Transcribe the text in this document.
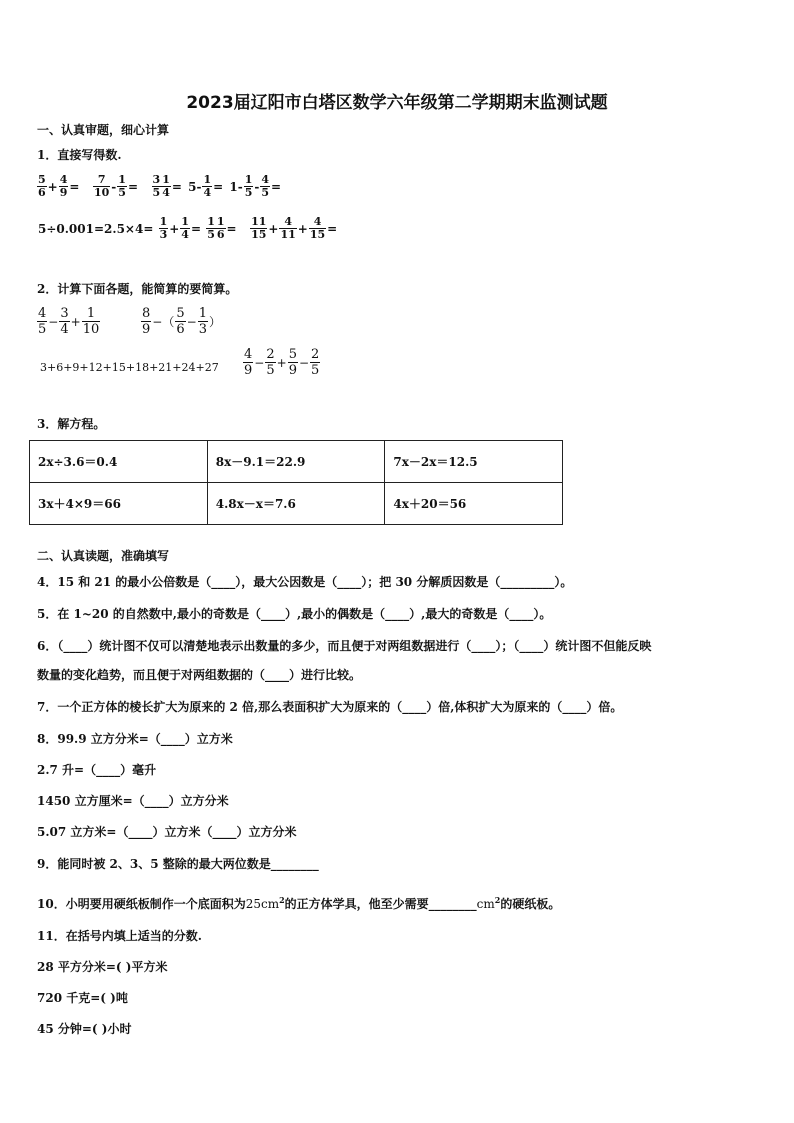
2023届辽阳市白塔区数学六年级第二学期期末监测试题
一、认真审题，细心计算
1．直接写得数.
$\frac{5}{6} + \frac{4}{9} = \frac{7}{10} - \frac{1}{5} = \frac{3}{5} \frac{1}{4} = 5- \frac{1}{4} = 1- \frac{1}{5} - \frac{4}{5}$ =
$5\div 0.001=2.5\times 4= \frac{1}{3} + \frac{1}{4} = \frac{1}{5} \frac{1}{6} = \frac{11}{15} + \frac{4}{11} + \frac{4}{15}$ =
2．计算下面各题，能简算的要简算。
$\frac{4}{5} - \frac{3}{4} + \frac{1}{10}$	$\frac{8}{9}$ −（ $\frac{5}{6} - \frac{1}{3}$ ）
$3+6+9+12+15+18+21+24+27 \frac{4}{9} - \frac{2}{5} + \frac{5}{9} - \frac{2}{5}$
3．解方程。
2x÷3.6＝0.4	8x－9.1＝22.9	7x－2x＝12.5
3x＋4×9＝66	4.8x－x＝7.6	4x＋20＝56
二、认真读题，准确填写
4．15 和 21 的最小公倍数是（____），最大公因数是（____）；把 30 分解质因数是（_________）。
5．在 1~20 的自然数中,最小的奇数是（____）,最小的偶数是（____）,最大的奇数是（____）。
6．（____）统计图不仅可以清楚地表示出数量的多少，而且便于对两组数据进行（____）；（____）统计图不但能反映
数量的变化趋势，而且便于对两组数据的（____）进行比较。
7．一个正方体的棱长扩大为原来的 2 倍,那么表面积扩大为原来的（____）倍,体积扩大为原来的（____）倍。
8．99.9 立方分米=（____）立方米
2.7 升=（____）毫升
1450 立方厘米=（____）立方分米
5.07 立方米=（____）立方米（____）立方分米
9．能同时被 2、3、5 整除的最大两位数是________
10．小明要用硬纸板制作一个底面积为$25cm^2$的正方体学具，他至少需要$\_\_\_\_\_\_\_\_cm^2$的硬纸板。
11．在括号内填上适当的分数.
28 平方分米=( )平方米
720 千克=( )吨
45 分钟=( )小时
